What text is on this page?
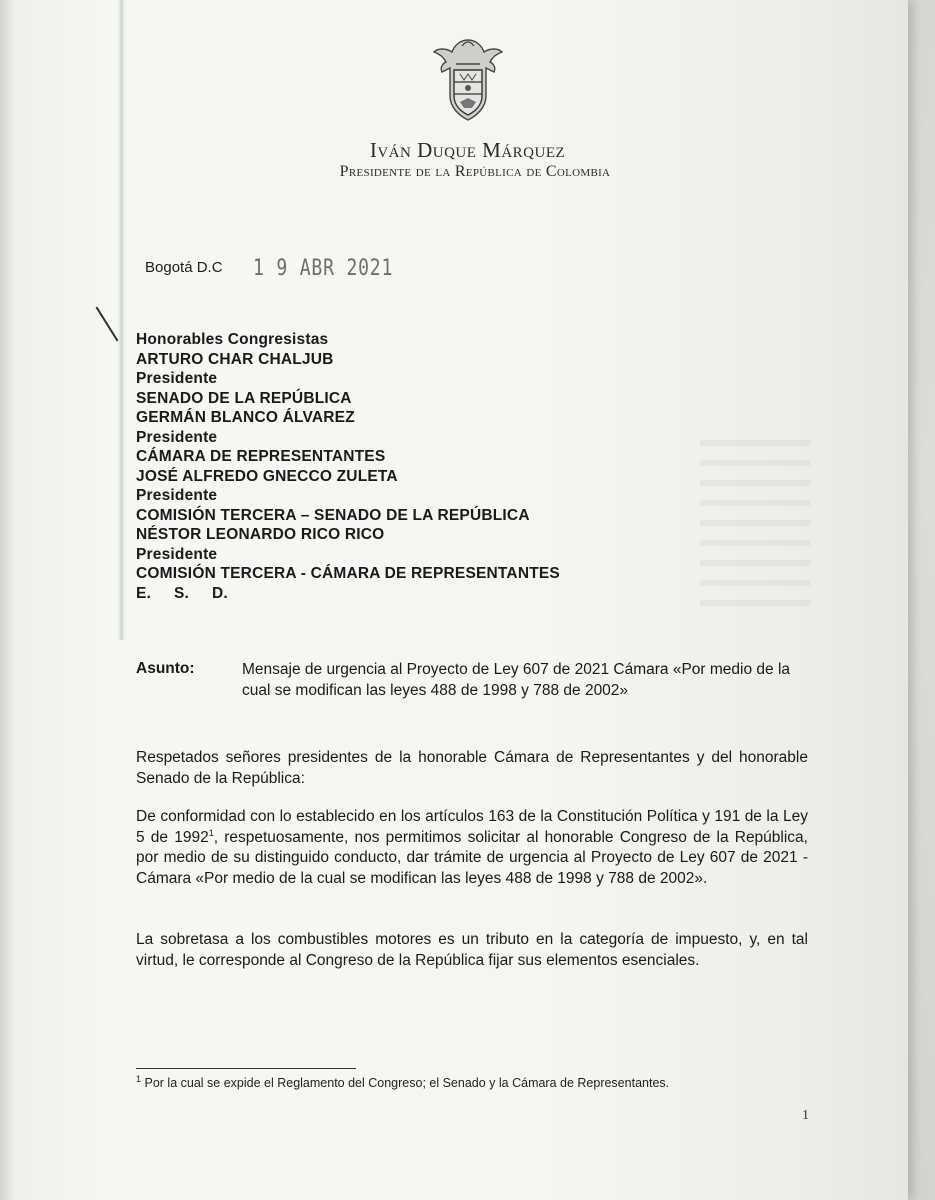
Iván Duque Márquez
Presidente de la República de Colombia
Bogotá D.C 1 9 ABR 2021
Honorables Congresistas
ARTURO CHAR CHALJUB
Presidente
SENADO DE LA REPÚBLICA
GERMÁN BLANCO ÁLVAREZ
Presidente
CÁMARA DE REPRESENTANTES
JOSÉ ALFREDO GNECCO ZULETA
Presidente
COMISIÓN TERCERA – SENADO DE LA REPÚBLICA
NÉSTOR LEONARDO RICO RICO
Presidente
COMISIÓN TERCERA - CÁMARA DE REPRESENTANTES
E. S. D.
Asunto:	Mensaje de urgencia al Proyecto de Ley 607 de 2021 Cámara «Por medio de la cual se modifican las leyes 488 de 1998 y 788 de 2002»
Respetados señores presidentes de la honorable Cámara de Representantes y del honorable Senado de la República:
De conformidad con lo establecido en los artículos 163 de la Constitución Política y 191 de la Ley 5 de 1992$^1$, respetuosamente, nos permitimos solicitar al honorable Congreso de la República, por medio de su distinguido conducto, dar trámite de urgencia al Proyecto de Ley 607 de 2021 - Cámara «Por medio de la cual se modifican las leyes 488 de 1998 y 788 de 2002».
La sobretasa a los combustibles motores es un tributo en la categoría de impuesto, y, en tal virtud, le corresponde al Congreso de la República fijar sus elementos esenciales.
$^1$ Por la cual se expide el Reglamento del Congreso; el Senado y la Cámara de Representantes.
1
